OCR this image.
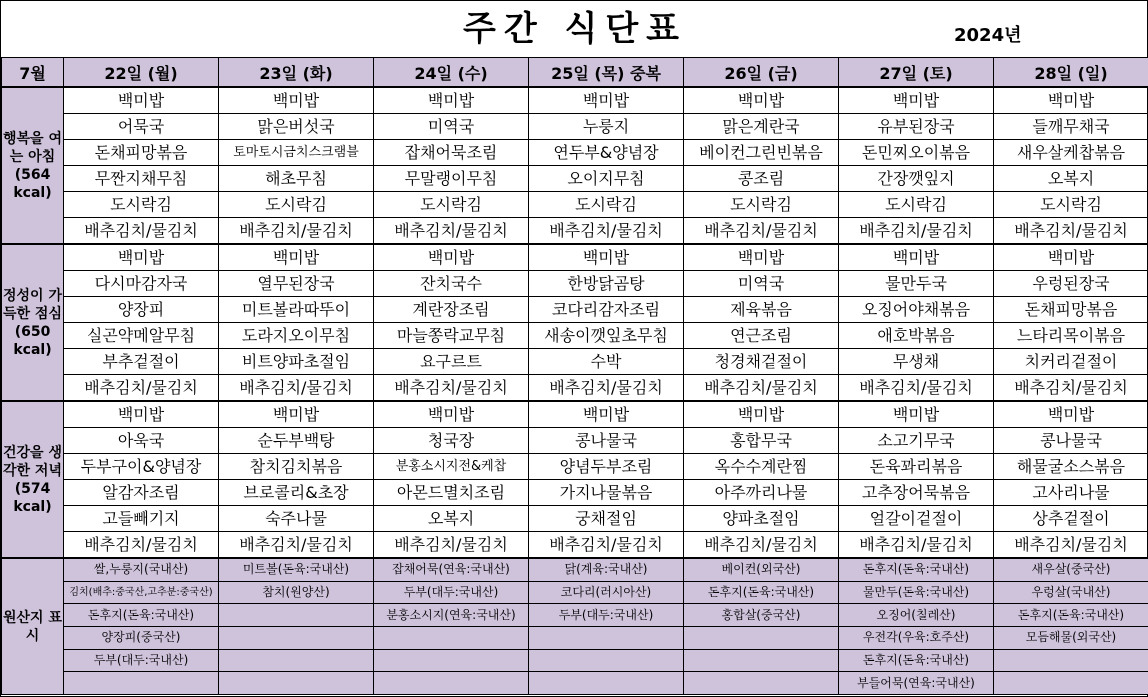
주간 식단표	2024년
7월	22일 (월)	23일 (화)	24일 (수)	25일 (목) 중복	26일 (금)	27일 (토)	28일 (일)
행복을 여는 아침 (564 kcal)	백미밥	백미밥	백미밥	백미밥	백미밥	백미밥	백미밥
	어묵국	맑은버섯국	미역국	누룽지	맑은계란국	유부된장국	들깨무채국
	돈채피망볶음	토마토시금치스크램블	잡채어묵조림	연두부&양념장	베이컨그린빈볶음	돈민찌오이볶음	새우살케찹볶음
	무짠지채무침	해초무침	무말랭이무침	오이지무침	콩조림	간장깻잎지	오복지
	도시락김	도시락김	도시락김	도시락김	도시락김	도시락김	도시락김
	배추김치/물김치	배추김치/물김치	배추김치/물김치	배추김치/물김치	배추김치/물김치	배추김치/물김치	배추김치/물김치
정성이 가득한 점심 (650 kcal)	백미밥	백미밥	백미밥	백미밥	백미밥	백미밥	백미밥
	다시마감자국	열무된장국	잔치국수	한방닭곰탕	미역국	물만두국	우렁된장국
	양장피	미트볼라따뚜이	계란장조림	코다리감자조림	제육볶음	오징어야채볶음	돈채피망볶음
	실곤약메알무침	도라지오이무침	마늘쫑락교무침	새송이깻잎초무침	연근조림	애호박볶음	느타리목이볶음
	부추겉절이	비트양파초절임	요구르트	수박	청경채겉절이	무생채	치커리겉절이
	배추김치/물김치	배추김치/물김치	배추김치/물김치	배추김치/물김치	배추김치/물김치	배추김치/물김치	배추김치/물김치
건강을 생각한 저녁 (574 kcal)	백미밥	백미밥	백미밥	백미밥	백미밥	백미밥	백미밥
	아욱국	순두부백탕	청국장	콩나물국	홍합무국	소고기무국	콩나물국
	두부구이&양념장	참치김치볶음	분홍소시지전&케찹	양념두부조림	옥수수계란찜	돈육꽈리볶음	해물굴소스볶음
	알감자조림	브로콜리&초장	아몬드멸치조림	가지나물볶음	아주까리나물	고추장어묵볶음	고사리나물
	고들빼기지	숙주나물	오복지	궁채절임	양파초절임	얼갈이겉절이	상추겉절이
	배추김치/물김치	배추김치/물김치	배추김치/물김치	배추김치/물김치	배추김치/물김치	배추김치/물김치	배추김치/물김치
원산지 표시	쌀,누룽지(국내산)	미트볼(돈육:국내산)	잡채어묵(연육:국내산)	닭(계육:국내산)	베이컨(외국산)	돈후지(돈육:국내산)	새우살(중국산)
	김치(배추:중국산,고추분:중국산)	참치(원양산)	두부(대두:국내산)	코다리(러시아산)	돈후지(돈육:국내산)	물만두(돈육:국내산)	우렁살(국내산)
	돈후지(돈육:국내산)		분홍소시지(연육:국내산)	두부(대두:국내산)	홍합살(중국산)	오징어(칠레산)	돈후지(돈육:국내산)
	양장피(중국산)					우전각(우육:호주산)	모듬해물(외국산)
	두부(대두:국내산)					돈후지(돈육:국내산)	
						부들어묵(연육:국내산)	
